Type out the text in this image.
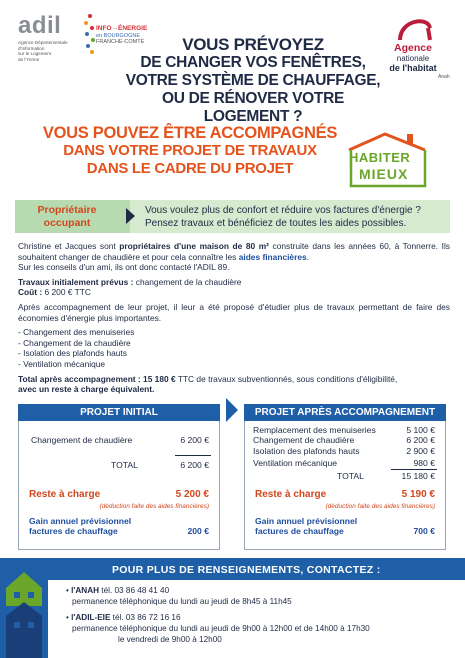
adil
Agence Départementale
d'Information
sur le Logement
de l'Yonne
INFO→ÉNERGIE
en BOURGOGNE
FRANCHE-COMTÉ	Agence
nationale
de l'habitat
Anah
VOUS PRÉVOYEZ
DE CHANGER VOS FENÊTRES,
VOTRE SYSTÈME DE CHAUFFAGE,
OU DE RÉNOVER VOTRE LOGEMENT ?
VOUS POUVEZ ÊTRE ACCOMPAGNÉS
DANS VOTRE PROJET DE TRAVAUX
DANS LE CADRE DU PROJET
HABITER
MIEUX
Propriétaire
occupant
Vous voulez plus de confort et réduire vos factures d'énergie ?
Pensez travaux et bénéficiez de toutes les aides possibles.

Christine et Jacques sont propriétaires d'une maison de 80 m² construite dans les années 60, à Tonnerre. Ils souhaitent changer de chaudière et pour cela connaître les aides financières.
Sur les conseils d'un ami, ils ont donc contacté l'ADIL 89.

Travaux initialement prévus : changement de la chaudière
Coût : 6 200 € TTC

Après accompagnement de leur projet, il leur a été proposé d'étudier plus de travaux permettant de faire des économies d'énergie plus importantes.

- Changement des menuiseries
- Changement de la chaudière
- Isolation des plafonds hauts
- Ventilation mécanique

Total après accompagnement : 15 180 € TTC de travaux subventionnés, sous conditions d'éligibilité,
avec un reste à charge équivalent.

PROJET INITIAL
Changement de chaudière	6 200 €
TOTAL	6 200 €
Reste à charge	5 200 €
(déduction faite des aides financières)
Gain annuel prévisionnel
factures de chauffage	200 €
PROJET APRÈS ACCOMPAGNEMENT
Remplacement des menuiseries	5 100 €
Changement de chaudière	6 200 €
Isolation des plafonds hauts	2 900 €
Ventilation mécanique	980 €
TOTAL	15 180 €
Reste à charge	5 190 €
(déduction faite des aides financières)
Gain annuel prévisionnel
factures de chauffage	700 €
POUR PLUS DE RENSEIGNEMENTS, CONTACTEZ :
• l'ANAH tél. 03 86 48 41 40
permanence téléphonique du lundi au jeudi de 8h45 à 11h45
• l'ADIL-EIE tél. 03 86 72 16 16
permanence téléphonique du lundi au jeudi de 9h00 à 12h00 et de 14h00 à 17h30
le vendredi de 9h00 à 12h00
